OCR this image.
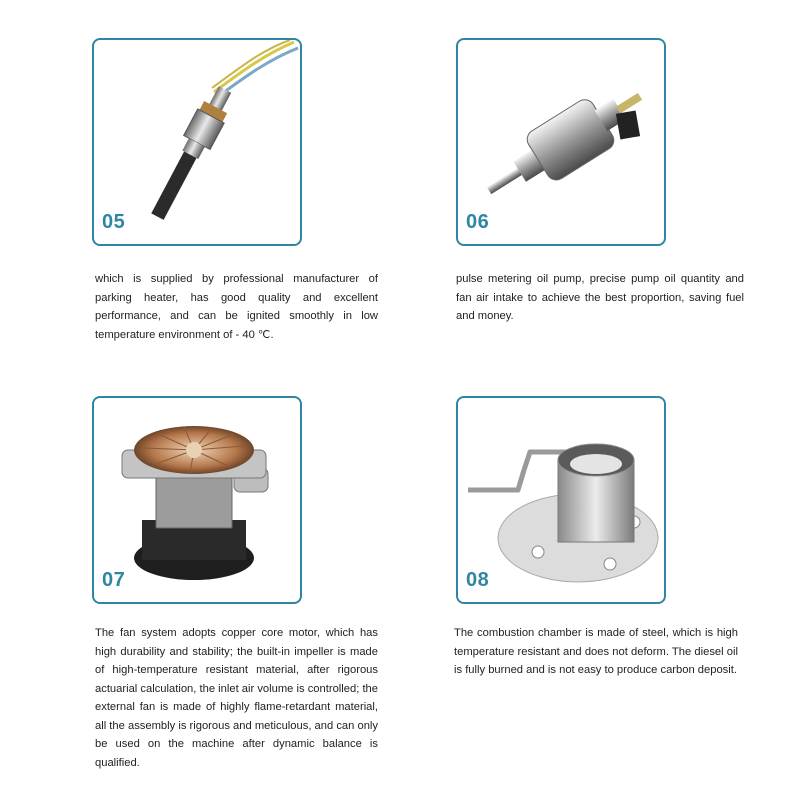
05	06
07	08

which is supplied by professional manufacturer of parking heater, has good quality and excellent performance, and can be ignited smoothly in low temperature environment of - 40 ℃.

pulse metering oil pump, precise pump oil quantity and fan air intake to achieve the best proportion, saving fuel and money.

The fan system adopts copper core motor, which has high durability and stability; the built-in impeller is made of high-temperature resistant material, after rigorous actuarial calculation, the inlet air volume is controlled; the external fan is made of highly flame-retardant material, all the assembly is rigorous and meticulous, and can only be used on the machine after dynamic balance is qualified.

The combustion chamber is made of steel, which is high temperature resistant and does not deform. The diesel oil is fully burned and is not easy to produce carbon deposit.
